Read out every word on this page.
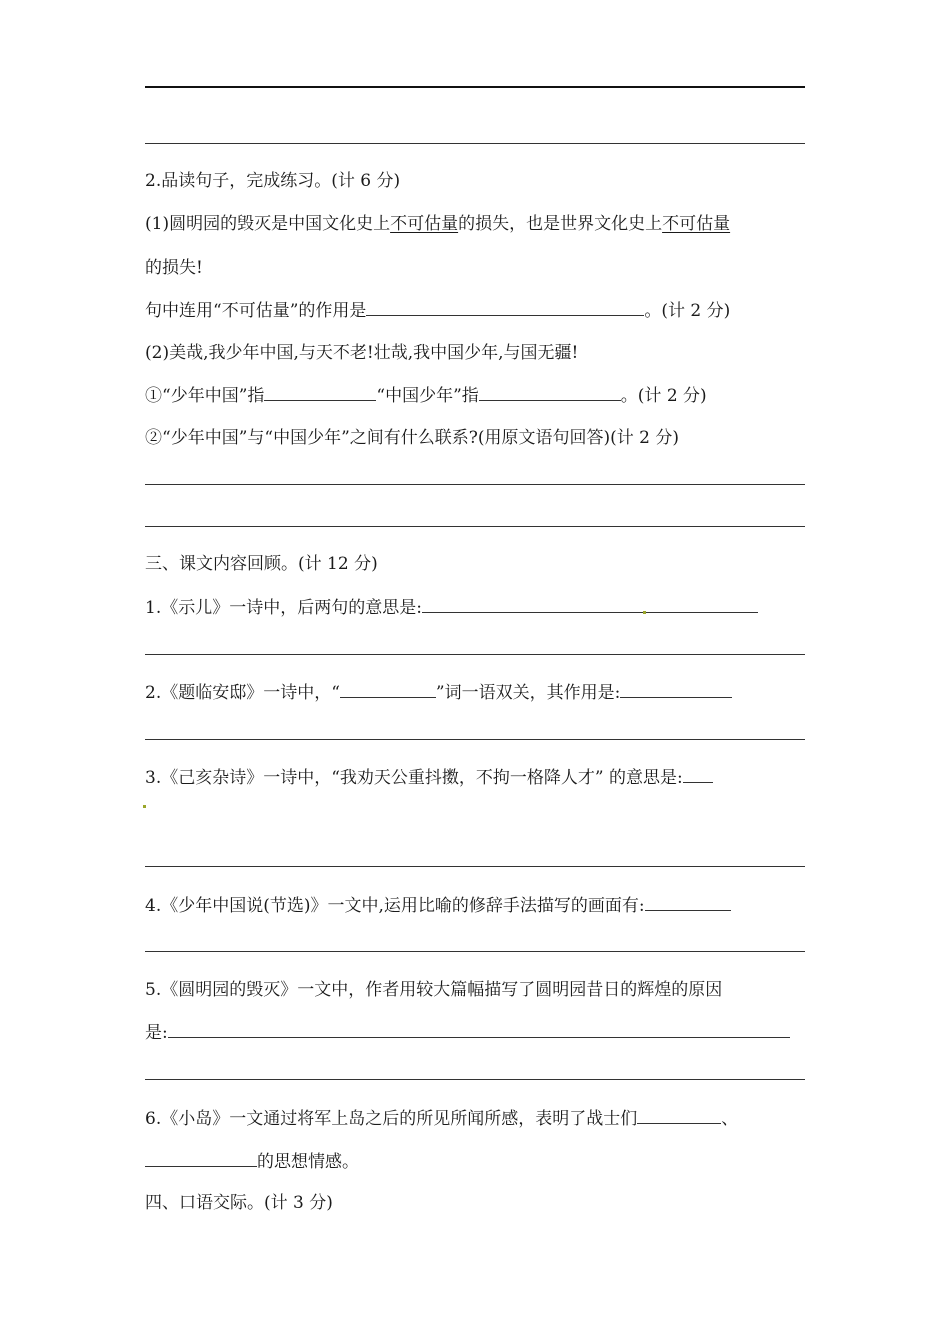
2.品读句子，完成练习。(计 6 分)
(1)圆明园的毁灭是中国文化史上不可估量的损失，也是世界文化史上不可估量
的损失!
句中连用“不可估量”的作用是	。(计 2 分)
(2)美哉,我少年中国,与天不老!壮哉,我中国少年,与国无疆!
①“少年中国”指	“中国少年”指	。(计 2 分)
②“少年中国”与“中国少年”之间有什么联系?(用原文语句回答)(计 2 分)
三、课文内容回顾。(计 12 分)
1.《示儿》一诗中，后两句的意思是:
2.《题临安邸》一诗中，“	”词一语双关，其作用是:
3.《己亥杂诗》一诗中，“我劝天公重抖擞，不拘一格降人才” 的意思是:
4.《少年中国说(节选)》一文中,运用比喻的修辞手法描写的画面有:
5.《圆明园的毁灭》一文中，作者用较大篇幅描写了圆明园昔日的辉煌的原因
是:
6.《小岛》一文通过将军上岛之后的所见所闻所感，表明了战士们	、
的思想情感。
四、口语交际。(计 3 分)
